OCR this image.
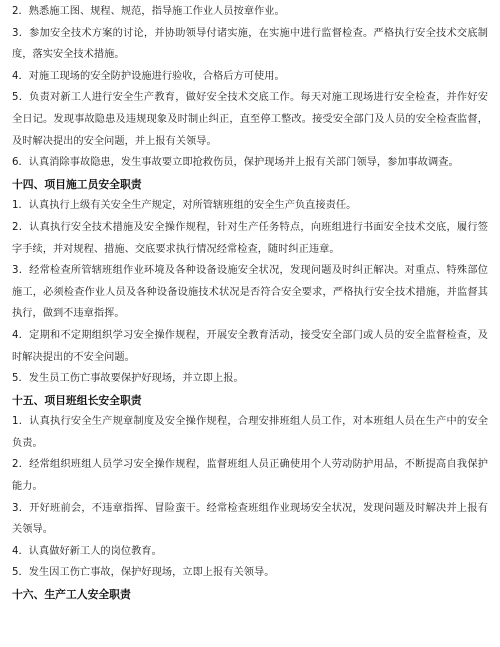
2．熟悉施工图、规程、规范，指导施工作业人员按章作业。

3．参加安全技术方案的讨论，并协助领导付诸实施，在实施中进行监督检查。严格执行安全技术交底制度，落实安全技术措施。

4．对施工现场的安全防护设施进行验收，合格后方可使用。

5．负责对新工人进行安全生产教育，做好安全技术交底工作。每天对施工现场进行安全检查，并作好安全日记。发现事故隐患及违规现象及时制止纠正，直至停工整改。接受安全部门及人员的安全检查监督，及时解决提出的安全问题，并上报有关领导。

6．认真消除事故隐患，发生事故要立即抢救伤员，保护现场并上报有关部门领导，参加事故调查。

十四、项目施工员安全职责

1．认真执行上级有关安全生产规定，对所管辖班组的安全生产负直接责任。

2．认真执行安全技术措施及安全操作规程，针对生产任务特点，向班组进行书面安全技术交底，履行签字手续，并对规程、措施、交底要求执行情况经常检查，随时纠正违章。

3．经常检查所管辖班组作业环境及各种设备设施安全状况，发现问题及时纠正解决。对重点、特殊部位施工，必须检查作业人员及各种设备设施技术状况是否符合安全要求，严格执行安全技术措施，并监督其执行，做到不违章指挥。

4．定期和不定期组织学习安全操作规程，开展安全教育活动，接受安全部门或人员的安全监督检查，及时解决提出的不安全问题。

5．发生员工伤亡事故要保护好现场，并立即上报。

十五、项目班组长安全职责

1．认真执行安全生产规章制度及安全操作规程，合理安排班组人员工作，对本班组人员在生产中的安全负责。

2．经常组织班组人员学习安全操作规程，监督班组人员正确使用个人劳动防护用品，不断提高自我保护能力。

3．开好班前会，不违章指挥、冒险蛮干。经常检查班组作业现场安全状况，发现问题及时解决并上报有关领导。

4．认真做好新工人的岗位教育。

5．发生因工伤亡事故，保护好现场，立即上报有关领导。

十六、生产工人安全职责
